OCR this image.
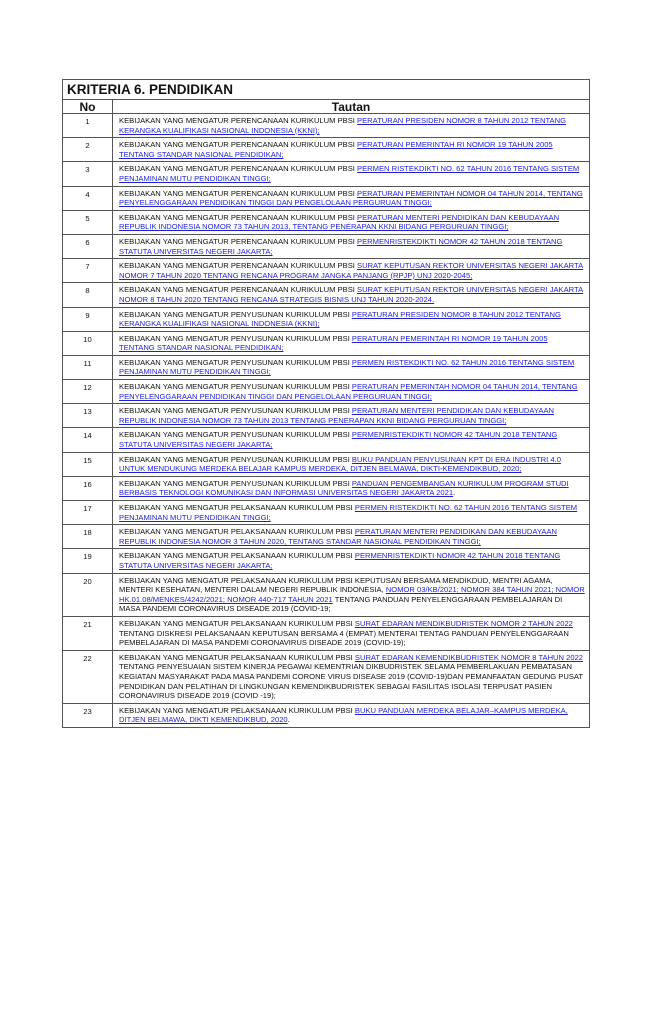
KRITERIA 6. PENDIDIKAN	
No	Tautan
1	KEBIJAKAN YANG MENGATUR PERENCANAAN KURIKULUM PBSI PERATURAN PRESIDEN NOMOR 8 TAHUN 2012 TENTANG KERANGKA KUALIFIKASI NASIONAL INDONESIA (KKNI);
2	KEBIJAKAN YANG MENGATUR PERENCANAAN KURIKULUM PBSI PERATURAN PEMERINTAH RI NOMOR 19 TAHUN 2005 TENTANG STANDAR NASIONAL PENDIDIKAN;
3	KEBIJAKAN YANG MENGATUR PERENCANAAN KURIKULUM PBSI PERMEN RISTEKDIKTI NO. 62 TAHUN 2016 TENTANG SISTEM PENJAMINAN MUTU PENDIDIKAN TINGGI;
4	KEBIJAKAN YANG MENGATUR PERENCANAAN KURIKULUM PBSI PERATURAN PEMERINTAH NOMOR 04 TAHUN 2014, TENTANG PENYELENGGARAAN PENDIDIKAN TINGGI DAN PENGELOLAAN PERGURUAN TINGGI;
5	KEBIJAKAN YANG MENGATUR PERENCANAAN KURIKULUM PBSI PERATURAN MENTERI PENDIDIKAN DAN KEBUDAYAAN REPUBLIK INDONESIA NOMOR 73 TAHUN 2013, TENTANG PENERAPAN KKNI BIDANG PERGURUAN TINGGI;
6	KEBIJAKAN YANG MENGATUR PERENCANAAN KURIKULUM PBSI PERMENRISTEKDIKTI NOMOR 42 TAHUN 2018 TENTANG STATUTA UNIVERSITAS NEGERI JAKARTA;
7	KEBIJAKAN YANG MENGATUR PERENCANAAN KURIKULUM PBSI SURAT KEPUTUSAN REKTOR UNIVERSITAS NEGERI JAKARTA NOMOR 7 TAHUN 2020 TENTANG RENCANA PROGRAM JANGKA PANJANG (RPJP) UNJ 2020-2045;
8	KEBIJAKAN YANG MENGATUR PERENCANAAN KURIKULUM PBSI SURAT KEPUTUSAN REKTOR UNIVERSITAS NEGERI JAKARTA NOMOR 8 TAHUN 2020 TENTANG RENCANA STRATEGIS BISNIS UNJ TAHUN 2020-2024.
9	KEBIJAKAN YANG MENGATUR PENYUSUNAN KURIKULUM PBSI PERATURAN PRESIDEN NOMOR 8 TAHUN 2012 TENTANG KERANGKA KUALIFIKASI NASIONAL INDONESIA (KKNI);
10	KEBIJAKAN YANG MENGATUR PENYUSUNAN KURIKULUM PBSI PERATURAN PEMERINTAH RI NOMOR 19 TAHUN 2005 TENTANG STANDAR NASIONAL PENDIDIKAN;
11	KEBIJAKAN YANG MENGATUR PENYUSUNAN KURIKULUM PBSI PERMEN RISTEKDIKTI NO. 62 TAHUN 2016 TENTANG SISTEM PENJAMINAN MUTU PENDIDIKAN TINGGI;
12	KEBIJAKAN YANG MENGATUR PENYUSUNAN KURIKULUM PBSI PERATURAN PEMERINTAH NOMOR 04 TAHUN 2014, TENTANG PENYELENGGARAAN PENDIDIKAN TINGGI DAN PENGELOLAAN PERGURUAN TINGGI;
13	KEBIJAKAN YANG MENGATUR PENYUSUNAN KURIKULUM PBSI PERATURAN MENTERI PENDIDIKAN DAN KEBUDAYAAN REPUBLIK INDONESIA NOMOR 73 TAHUN 2013 TENTANG PENERAPAN KKNI BIDANG PERGURUAN TINGGI;
14	KEBIJAKAN YANG MENGATUR PENYUSUNAN KURIKULUM PBSI PERMENRISTEKDIKTI NOMOR 42 TAHUN 2018 TENTANG STATUTA UNIVERSITAS NEGERI JAKARTA;
15	KEBIJAKAN YANG MENGATUR PENYUSUNAN KURIKULUM PBSI BUKU PANDUAN PENYUSUNAN KPT DI ERA INDUSTRI 4.0 UNTUK MENDUKUNG MERDEKA BELAJAR KAMPUS MERDEKA, DITJEN BELMAWA, DIKTI-KEMENDIKBUD, 2020;
16	KEBIJAKAN YANG MENGATUR PENYUSUNAN KURIKULUM PBSI PANDUAN PENGEMBANGAN KURIKULUM PROGRAM STUDI BERBASIS TEKNOLOGI KOMUNIKASI DAN INFORMASI UNIVERSITAS NEGERI JAKARTA 2021.
17	KEBIJAKAN YANG MENGATUR PELAKSANAAN KURIKULUM PBSI PERMEN RISTEKDIKTI NO. 62 TAHUN 2016 TENTANG SISTEM PENJAMINAN MUTU PENDIDIKAN TINGGI;
18	KEBIJAKAN YANG MENGATUR PELAKSANAAN KURIKULUM PBSI PERATURAN MENTERI PENDIDIKAN DAN KEBUDAYAAN REPUBLIK INDONESIA NOMOR 3 TAHUN 2020, TENTANG STANDAR NASIONAL PENDIDIKAN TINGGI;
19	KEBIJAKAN YANG MENGATUR PELAKSANAAN KURIKULUM PBSI PERMENRISTEKDIKTI NOMOR 42 TAHUN 2018 TENTANG STATUTA UNIVERSITAS NEGERI JAKARTA;
20	KEBIJAKAN YANG MENGATUR PELAKSANAAN KURIKULUM PBSI KEPUTUSAN BERSAMA MENDIKDUD, MENTRI AGAMA, MENTERI KESEHATAN, MENTERI DALAM NEGERI REPUBLIK INDONESIA, NOMOR 03/KB/2021; NOMOR 384 TAHUN 2021; NOMOR HK.01.08/MENKES/4242/2021; NOMOR 440-717 TAHUN 2021 TENTANG PANDUAN PENYELENGGARAAN PEMBELAJARAN DI MASA PANDEMI CORONAVIRUS DISEADE 2019 (COVID-19;
21	KEBIJAKAN YANG MENGATUR PELAKSANAAN KURIKULUM PBSI SURAT EDARAN MENDIKBUDRISTEK NOMOR 2 TAHUN 2022 TENTANG DISKRESI PELAKSANAAN KEPUTUSAN BERSAMA 4 (EMPAT) MENTERAI TENTAG PANDUAN PENYELENGGARAAN PEMBELAJARAN DI MASA PANDEMI CORONAVIRUS DISEADE 2019 (COVID-19);
22	KEBIJAKAN YANG MENGATUR PELAKSANAAN KURIKULUM PBSI SURAT EDARAN KEMENDIKBUDRISTEK NOMOR 8 TAHUN 2022 TENTANG PENYESUAIAN SISTEM KINERJA PEGAWAI KEMENTRIAN DIKBUDRISTEK SELAMA PEMBERLAKUAN PEMBATASAN KEGIATAN MASYARAKAT PADA MASA PANDEMI CORONE VIRUS DISEASE 2019 (COVID-19)DAN PEMANFAATAN GEDUNG PUSAT PENDIDIKAN DAN PELATIHAN DI LINGKUNGAN KEMENDIKBUDRISTEK SEBAGAI FASILITAS ISOLASI TERPUSAT PASIEN CORONAVIRUS DISEADE 2019 (COVID -19);
23	KEBIJAKAN YANG MENGATUR PELAKSANAAN KURIKULUM PBSI BUKU PANDUAN MERDEKA BELAJAR–KAMPUS MERDEKA, DITJEN BELMAWA, DIKTI KEMENDIKBUD, 2020.
